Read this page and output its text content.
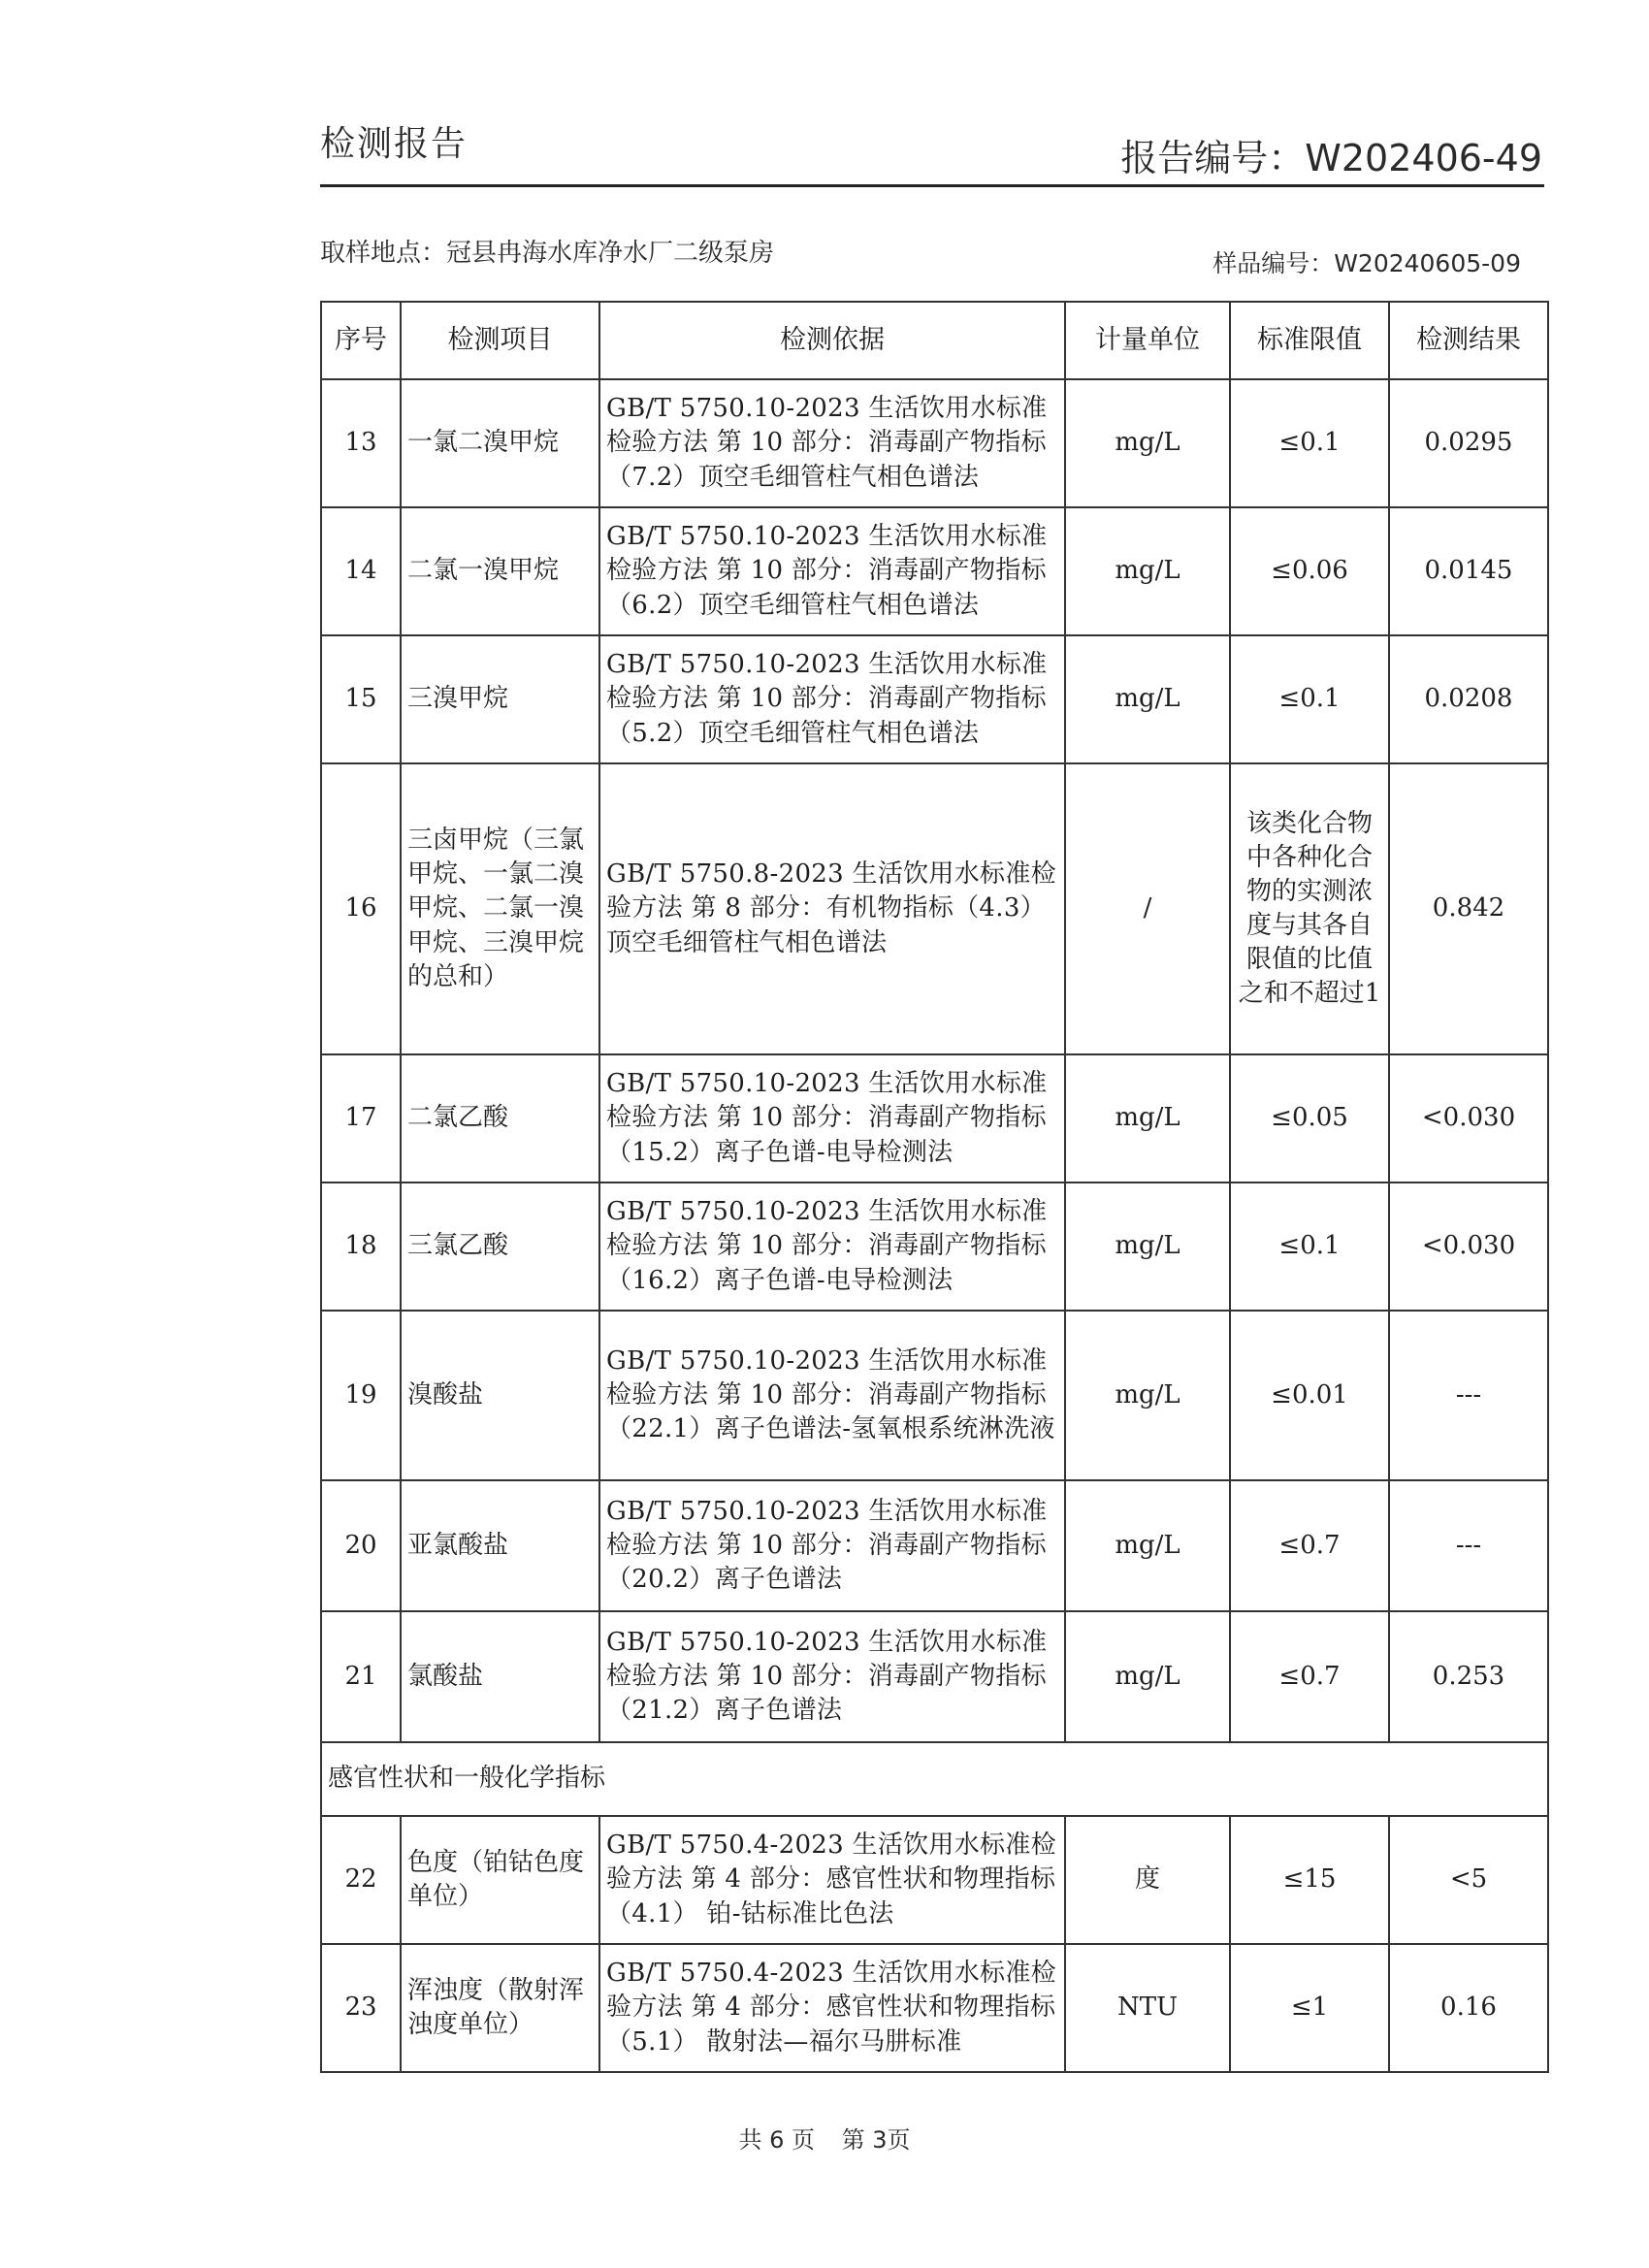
检测报告	报告编号：W202406-49
取样地点：冠县冉海水库净水厂二级泵房	样品编号：W20240605-09
序号	检测项目	检测依据	计量单位	标准限值	检测结果
13	一氯二溴甲烷	GB/T 5750.10-2023 生活饮用水标准检验方法 第 10 部分：消毒副产物指标（7.2）顶空毛细管柱气相色谱法	mg/L	≤0.1	0.0295
14	二氯一溴甲烷	GB/T 5750.10-2023 生活饮用水标准检验方法 第 10 部分：消毒副产物指标（6.2）顶空毛细管柱气相色谱法	mg/L	≤0.06	0.0145
15	三溴甲烷	GB/T 5750.10-2023 生活饮用水标准检验方法 第 10 部分：消毒副产物指标（5.2）顶空毛细管柱气相色谱法	mg/L	≤0.1	0.0208
16	三卤甲烷（三氯甲烷、一氯二溴甲烷、二氯一溴甲烷、三溴甲烷的总和）	GB/T 5750.8-2023 生活饮用水标准检验方法 第 8 部分：有机物指标（4.3）顶空毛细管柱气相色谱法	/	该类化合物中各种化合物的实测浓度与其各自限值的比值之和不超过1	0.842
17	二氯乙酸	GB/T 5750.10-2023 生活饮用水标准检验方法 第 10 部分：消毒副产物指标（15.2）离子色谱-电导检测法	mg/L	≤0.05	<0.030
18	三氯乙酸	GB/T 5750.10-2023 生活饮用水标准检验方法 第 10 部分：消毒副产物指标（16.2）离子色谱-电导检测法	mg/L	≤0.1	<0.030
19	溴酸盐	GB/T 5750.10-2023 生活饮用水标准检验方法 第 10 部分：消毒副产物指标（22.1）离子色谱法-氢氧根系统淋洗液	mg/L	≤0.01	---
20	亚氯酸盐	GB/T 5750.10-2023 生活饮用水标准检验方法 第 10 部分：消毒副产物指标（20.2）离子色谱法	mg/L	≤0.7	---
21	氯酸盐	GB/T 5750.10-2023 生活饮用水标准检验方法 第 10 部分：消毒副产物指标（21.2）离子色谱法	mg/L	≤0.7	0.253
感官性状和一般化学指标					
22	色度（铂钴色度单位）	GB/T 5750.4-2023 生活饮用水标准检验方法 第 4 部分：感官性状和物理指标（4.1） 铂-钴标准比色法	度	≤15	<5
23	浑浊度（散射浑浊度单位）	GB/T 5750.4-2023 生活饮用水标准检验方法 第 4 部分：感官性状和物理指标（5.1） 散射法—福尔马肼标准	NTU	≤1	0.16
共 6 页 第 3页
